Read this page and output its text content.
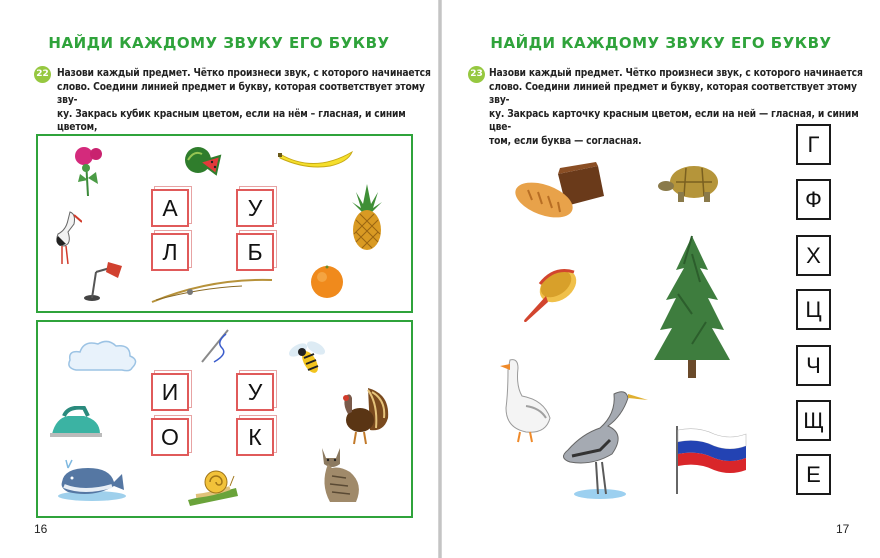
НАЙДИ КАЖДОМУ ЗВУКУ ЕГО БУКВУ
22 Назови каждый предмет. Чётко произнеси звук, с которого начинается
слово. Соедини линией предмет и букву, которая соответствует этому зву-
ку. Закрась кубик красным цветом, если на нём – гласная, и синим цветом,
А	У
Л	Б
И	У
О	К
16
НАЙДИ КАЖДОМУ ЗВУКУ ЕГО БУКВУ
23 Назови каждый предмет. Чётко произнеси звук, с которого начинается
слово. Соедини линией предмет и букву, которая соответствует этому зву-
ку. Закрась карточку красным цветом, если на ней — гласная, и синим цве-
том, если буква — согласная.	Г
Ф
Х
Ц
Ч
Щ
Е
17
